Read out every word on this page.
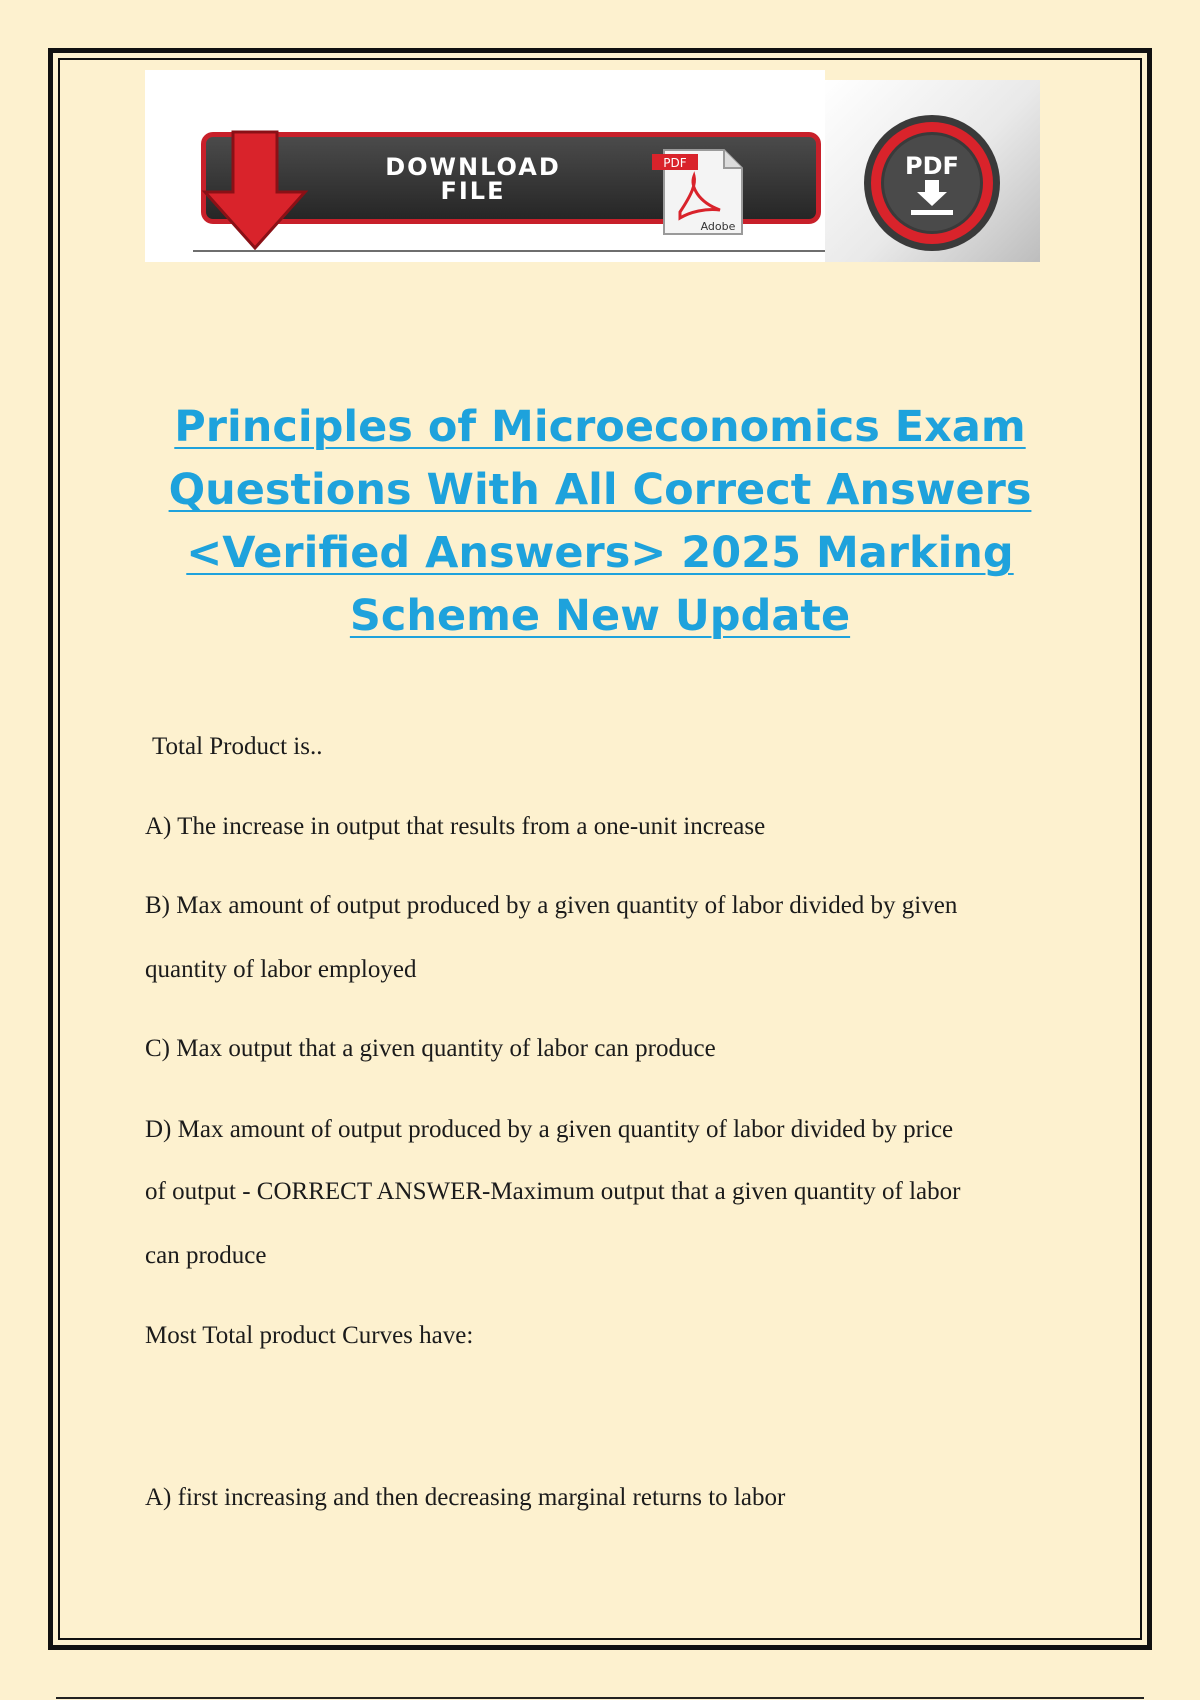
DOWNLOAD
FILE
PDF
Adobe
PDF
Principles of Microeconomics Exam Questions With All Correct Answers <Verified Answers> 2025 Marking Scheme New Update

Total Product is..

A) The increase in output that results from a one-unit increase

B) Max amount of output produced by a given quantity of labor divided by given

quantity of labor employed

C) Max output that a given quantity of labor can produce

D) Max amount of output produced by a given quantity of labor divided by price

of output - CORRECT ANSWER-Maximum output that a given quantity of labor

can produce

Most Total product Curves have:

A) first increasing and then decreasing marginal returns to labor
